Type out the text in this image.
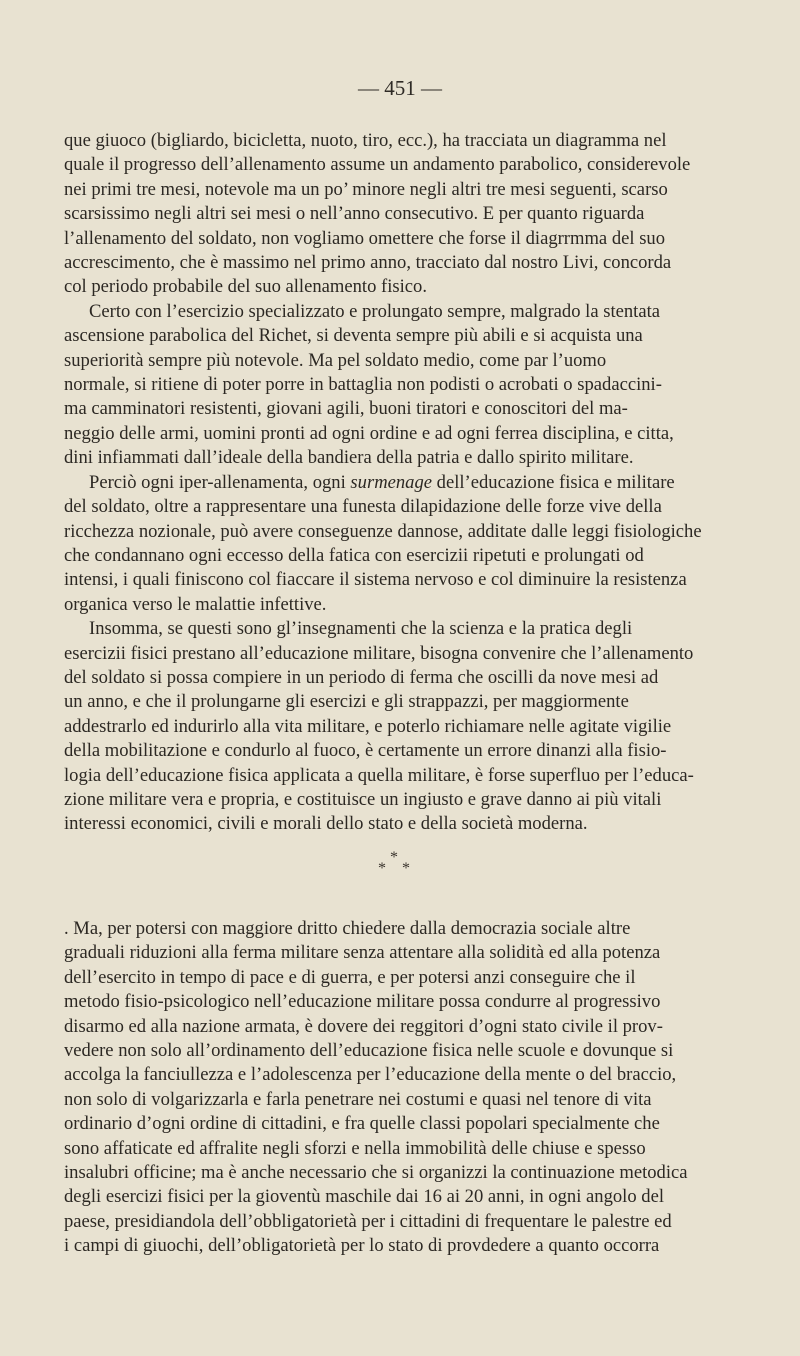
— 451 —
que giuoco (bigliardo, bicicletta, nuoto, tiro, ecc.), ha tracciata un diagramma nel
quale il progresso dell’allenamento assume un andamento parabolico, considerevole
nei primi tre mesi, notevole ma un po’ minore negli altri tre mesi seguenti, scarso
scarsissimo negli altri sei mesi o nell’anno consecutivo. E per quanto riguarda
l’allenamento del soldato, non vogliamo omettere che forse il diagrrmma del suo
accrescimento, che è massimo nel primo anno, tracciato dal nostro Livi, concorda
col periodo probabile del suo allenamento fisico.
Certo con l’esercizio specializzato e prolungato sempre, malgrado la stentata
ascensione parabolica del Richet, si deventa sempre più abili e si acquista una
superiorità sempre più notevole. Ma pel soldato medio, come par l’uomo
normale, si ritiene di poter porre in battaglia non podisti o acrobati o spadaccini-
ma camminatori resistenti, giovani agili, buoni tiratori e conoscitori del ma-
neggio delle armi, uomini pronti ad ogni ordine e ad ogni ferrea disciplina, e citta,
dini infiammati dall’ideale della bandiera della patria e dallo spirito militare.
Perciò ogni iper-allenamenta, ogni surmenage dell’educazione fisica e militare
del soldato, oltre a rappresentare una funesta dilapidazione delle forze vive della
ricchezza nozionale, può avere conseguenze dannose, additate dalle leggi fisiologiche
che condannano ogni eccesso della fatica con esercizii ripetuti e prolungati od
intensi, i quali finiscono col fiaccare il sistema nervoso e col diminuire la resistenza
organica verso le malattie infettive.
Insomma, se questi sono gl’insegnamenti che la scienza e la pratica degli
esercizii fisici prestano all’educazione militare, bisogna convenire che l’allenamento
del soldato si possa compiere in un periodo di ferma che oscilli da nove mesi ad
un anno, e che il prolungarne gli esercizi e gli strappazzi, per maggiormente
addestrarlo ed indurirlo alla vita militare, e poterlo richiamare nelle agitate vigilie
della mobilitazione e condurlo al fuoco, è certamente un errore dinanzi alla fisio-
logia dell’educazione fisica applicata a quella militare, è forse superfluo per l’educa-
zione militare vera e propria, e costituisce un ingiusto e grave danno ai più vitali
interessi economici, civili e morali dello stato e della società moderna.
*
* *
. Ma, per potersi con maggiore dritto chiedere dalla democrazia sociale altre
graduali riduzioni alla ferma militare senza attentare alla solidità ed alla potenza
dell’esercito in tempo di pace e di guerra, e per potersi anzi conseguire che il
metodo fisio-psicologico nell’educazione militare possa condurre al progressivo
disarmo ed alla nazione armata, è dovere dei reggitori d’ogni stato civile il prov-
vedere non solo all’ordinamento dell’educazione fisica nelle scuole e dovunque si
accolga la fanciullezza e l’adolescenza per l’educazione della mente o del braccio,
non solo di volgarizzarla e farla penetrare nei costumi e quasi nel tenore di vita
ordinario d’ogni ordine di cittadini, e fra quelle classi popolari specialmente che
sono affaticate ed affralite negli sforzi e nella immobilità delle chiuse e spesso
insalubri officine; ma è anche necessario che si organizzi la continuazione metodica
degli esercizi fisici per la gioventù maschile dai 16 ai 20 anni, in ogni angolo del
paese, presidiandola dell’obbligatorietà per i cittadini di frequentare le palestre ed
i campi di giuochi, dell’obligatorietà per lo stato di provdedere a quanto occorra
